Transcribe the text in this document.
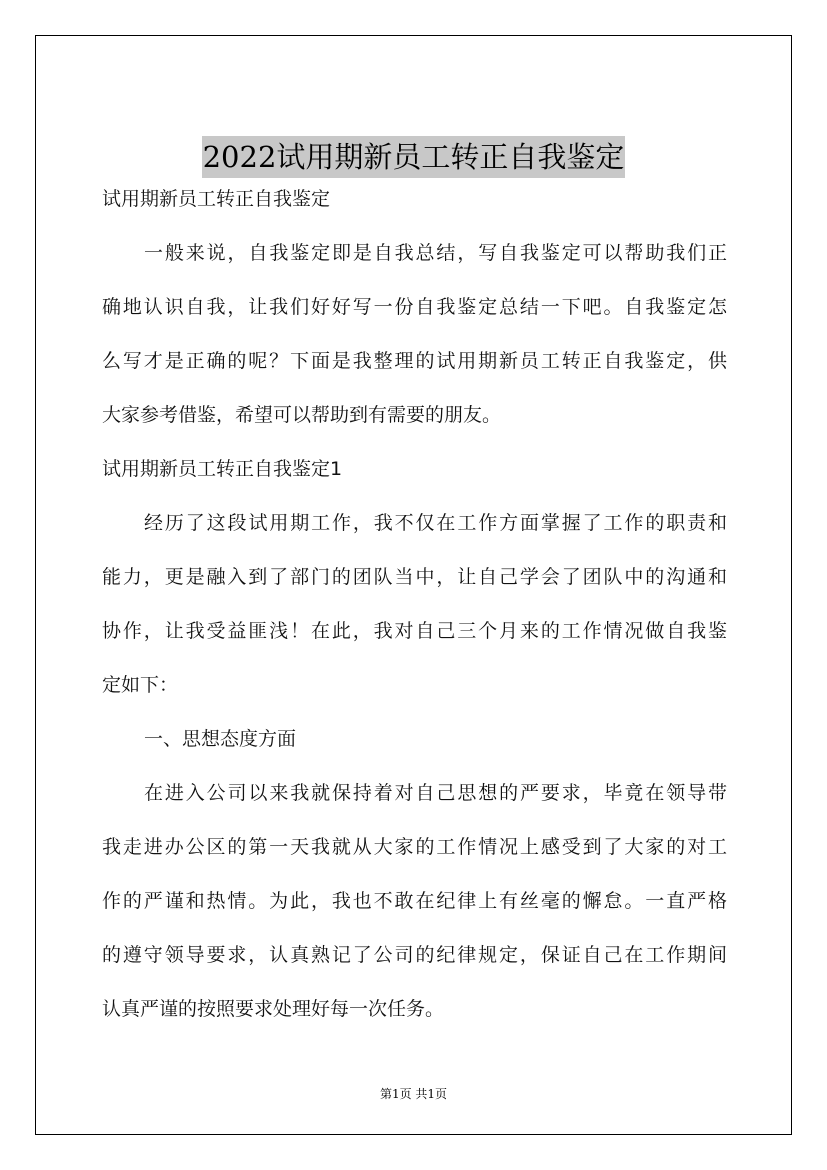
2022试用期新员工转正自我鉴定
试用期新员工转正自我鉴定
一般来说，自我鉴定即是自我总结，写自我鉴定可以帮助我们正
确地认识自我，让我们好好写一份自我鉴定总结一下吧。自我鉴定怎
么写才是正确的呢？下面是我整理的试用期新员工转正自我鉴定，供
大家参考借鉴，希望可以帮助到有需要的朋友。
试用期新员工转正自我鉴定1
经历了这段试用期工作，我不仅在工作方面掌握了工作的职责和
能力，更是融入到了部门的团队当中，让自己学会了团队中的沟通和
协作，让我受益匪浅！在此，我对自己三个月来的工作情况做自我鉴
定如下：
一、思想态度方面
在进入公司以来我就保持着对自己思想的严要求，毕竟在领导带
我走进办公区的第一天我就从大家的工作情况上感受到了大家的对工
作的严谨和热情。为此，我也不敢在纪律上有丝毫的懈怠。一直严格
的遵守领导要求，认真熟记了公司的纪律规定，保证自己在工作期间
认真严谨的按照要求处理好每一次任务。
第1页 共1页
